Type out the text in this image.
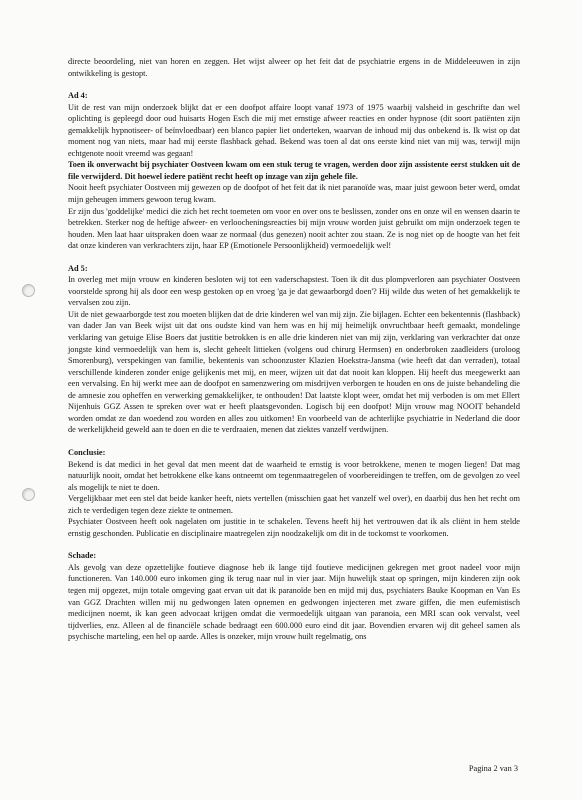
directe beoordeling, niet van horen en zeggen. Het wijst alweer op het feit dat de psychiatrie ergens in de Middeleeuwen in zijn ontwikkeling is gestopt.

Ad 4:

Uit de rest van mijn onderzoek blijkt dat er een doofpot affaire loopt vanaf 1973 of 1975 waarbij valsheid in geschrifte dan wel oplichting is gepleegd door oud huisarts Hogen Esch die mij met ernstige afweer reacties en onder hypnose (dit soort patiënten zijn gemakkelijk hypnotiseer- of beïnvloedbaar) een blanco papier liet onderteken, waarvan de inhoud mij dus onbekend is. Ik wist op dat moment nog van niets, maar had mij eerste flashback gehad. Bekend was toen al dat ons eerste kind niet van mij was, terwijl mijn echtgenote nooit vreemd was gegaan!

Toen ik onverwacht bij psychiater Oostveen kwam om een stuk terug te vragen, werden door zijn assistente eerst stukken uit de file verwijderd. Dit hoewel iedere patiënt recht heeft op inzage van zijn gehele file.

Nooit heeft psychiater Oostveen mij gewezen op de doofpot of het feit dat ik niet paranoïde was, maar juist gewoon beter werd, omdat mijn geheugen immers gewoon terug kwam.

Er zijn dus 'goddelijke' medici die zich het recht toemeten om voor en over ons te beslissen, zonder ons en onze wil en wensen daarin te betrekken. Sterker nog de heftige afweer- en verloocheningsreacties bij mijn vrouw worden juist gebruikt om mijn onderzoek tegen te houden. Men laat haar uitspraken doen waar ze normaal (dus genezen) nooit achter zou staan. Ze is nog niet op de hoogte van het feit dat onze kinderen van verkrachters zijn, haar EP (Emotionele Persoonlijkheid) vermoedelijk wel!

Ad 5:

In overleg met mijn vrouw en kinderen besloten wij tot een vaderschapstest. Toen ik dit dus plompverloren aan psychiater Oostveen voorstelde sprong hij als door een wesp gestoken op en vroeg 'ga je dat gewaarborgd doen'? Hij wilde dus weten of het gemakkelijk te vervalsen zou zijn.

Uit de niet gewaarborgde test zou moeten blijken dat de drie kinderen wel van mij zijn. Zie bijlagen. Echter een bekentennis (flashback) van dader Jan van Beek wijst uit dat ons oudste kind van hem was en hij mij heimelijk onvruchtbaar heeft gemaakt, mondelinge verklaring van getuige Elise Boers dat justitie betrokken is en alle drie kinderen niet van mij zijn, verklaring van verkrachter dat onze jongste kind vermoedelijk van hem is, slecht geheelt littieken (volgens oud chirurg Hermsen) en onderbroken zaadleiders (uroloog Smorenburg), verspekingen van familie, bekentenis van schoonzuster Klazien Hoekstra-Jansma (wie heeft dat dan verraden), totaal verschillende kinderen zonder enige gelijkenis met mij, en meer, wijzen uit dat dat nooit kan kloppen. Hij heeft dus meegewerkt aan een vervalsing. En hij werkt mee aan de doofpot en samenzwering om misdrijven verborgen te houden en ons de juiste behandeling die de amnesie zou opheffen en verwerking gemakkelijker, te onthouden! Dat laatste klopt weer, omdat het mij verboden is om met Ellert Nijenhuis GGZ Assen te spreken over wat er heeft plaatsgevonden. Logisch bij een doofpot! Mijn vrouw mag NOOIT behandeld worden omdat ze dan woedend zou worden en alles zou uitkomen! En voorbeeld van de achterlijke psychiatrie in Nederland die door de werkelijkheid geweld aan te doen en die te verdraaien, menen dat ziektes vanzelf verdwijnen.

Conclusie:

Bekend is dat medici in het geval dat men meent dat de waarheid te ernstig is voor betrokkene, menen te mogen liegen! Dat mag natuurlijk nooit, omdat het betrokkene elke kans ontneemt om tegenmaatregelen of voorbereidingen te treffen, om de gevolgen zo veel als mogelijk te niet te doen.

Vergelijkbaar met een stel dat beide kanker heeft, niets vertellen (misschien gaat het vanzelf wel over), en daarbij dus hen het recht om zich te verdedigen tegen deze ziekte te ontnemen.

Psychiater Oostveen heeft ook nagelaten om justitie in te schakelen. Tevens heeft hij het vertrouwen dat ik als cliënt in hem stelde ernstig geschonden. Publicatie en disciplinaire maatregelen zijn noodzakelijk om dit in de tockomst te voorkomen.

Schade:

Als gevolg van deze opzettelijke foutieve diagnose heb ik lange tijd foutieve medicijnen gekregen met groot nadeel voor mijn functioneren. Van 140.000 euro inkomen ging ik terug naar nul in vier jaar. Mijn huwelijk staat op springen, mijn kinderen zijn ook tegen mij opgezet, mijn totale omgeving gaat ervan uit dat ik paranoïde ben en mijd mij dus, psychiaters Bauke Koopman en Van Es van GGZ Drachten willen mij nu gedwongen laten opnemen en gedwongen injecteren met zware giffen, die men eufemistisch medicijnen noemt, ik kan geen advocaat krijgen omdat die vermoedelijk uitgaan van paranoia, een MRI scan ook vervalst, veel tijdverlies, enz. Alleen al de financiële schade bedraagt een 600.000 euro eind dit jaar. Bovendien ervaren wij dit geheel samen als psychische marteling, een hel op aarde. Alles is onzeker, mijn vrouw huilt regelmatig, ons

Pagina 2 van 3
